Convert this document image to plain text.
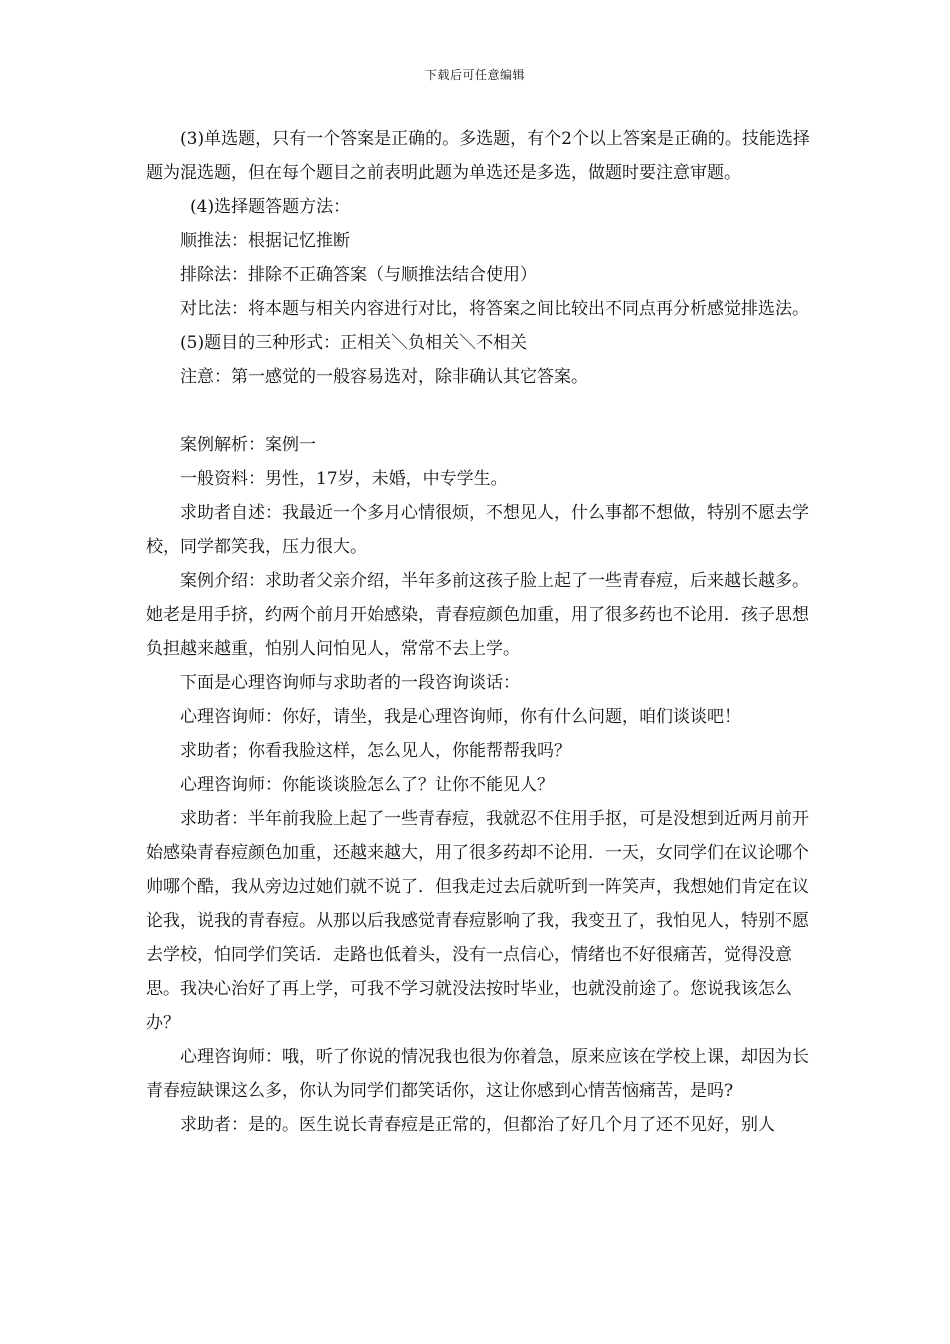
下载后可任意编辑

(3)单选题，只有一个答案是正确的。多选题，有个2个以上答案是正确的。技能选择题为混选题，但在每个题目之前表明此题为单选还是多选，做题时要注意审题。

(4)选择题答题方法：

顺推法：根据记忆推断

排除法：排除不正确答案（与顺推法结合使用）

对比法：将本题与相关内容进行对比，将答案之间比较出不同点再分析感觉排选法。

(5)题目的三种形式：正相关＼负相关＼不相关

注意：第一感觉的一般容易选对，除非确认其它答案。

案例解析：案例一

一般资料：男性，17岁，未婚，中专学生。

求助者自述：我最近一个多月心情很烦，不想见人，什么事都不想做，特别不愿去学校，同学都笑我，压力很大。

案例介绍：求助者父亲介绍，半年多前这孩子脸上起了一些青春痘，后来越长越多。她老是用手挤，约两个前月开始感染，青春痘颜色加重，用了很多药也不论用．孩子思想负担越来越重，怕别人问怕见人，常常不去上学。

下面是心理咨询师与求助者的一段咨询谈话：

心理咨询师：你好，请坐，我是心理咨询师，你有什么问题，咱们谈谈吧！

求助者；你看我脸这样，怎么见人，你能帮帮我吗？

心理咨询师：你能谈谈脸怎么了？让你不能见人？

求助者：半年前我脸上起了一些青春痘，我就忍不住用手抠，可是没想到近两月前开始感染青春痘颜色加重，还越来越大，用了很多药却不论用．一天，女同学们在议论哪个帅哪个酷，我从旁边过她们就不说了．但我走过去后就听到一阵笑声，我想她们肯定在议论我，说我的青春痘。从那以后我感觉青春痘影响了我，我变丑了，我怕见人，特别不愿去学校，怕同学们笑话．走路也低着头，没有一点信心，情绪也不好很痛苦，觉得没意思。我决心治好了再上学，可我不学习就没法按时毕业，也就没前途了。您说我该怎么办？

心理咨询师：哦，听了你说的情况我也很为你着急，原来应该在学校上课，却因为长青春痘缺课这么多，你认为同学们都笑话你，这让你感到心情苦恼痛苦，是吗?

求助者：是的。医生说长青春痘是正常的，但都治了好几个月了还不见好，别人
